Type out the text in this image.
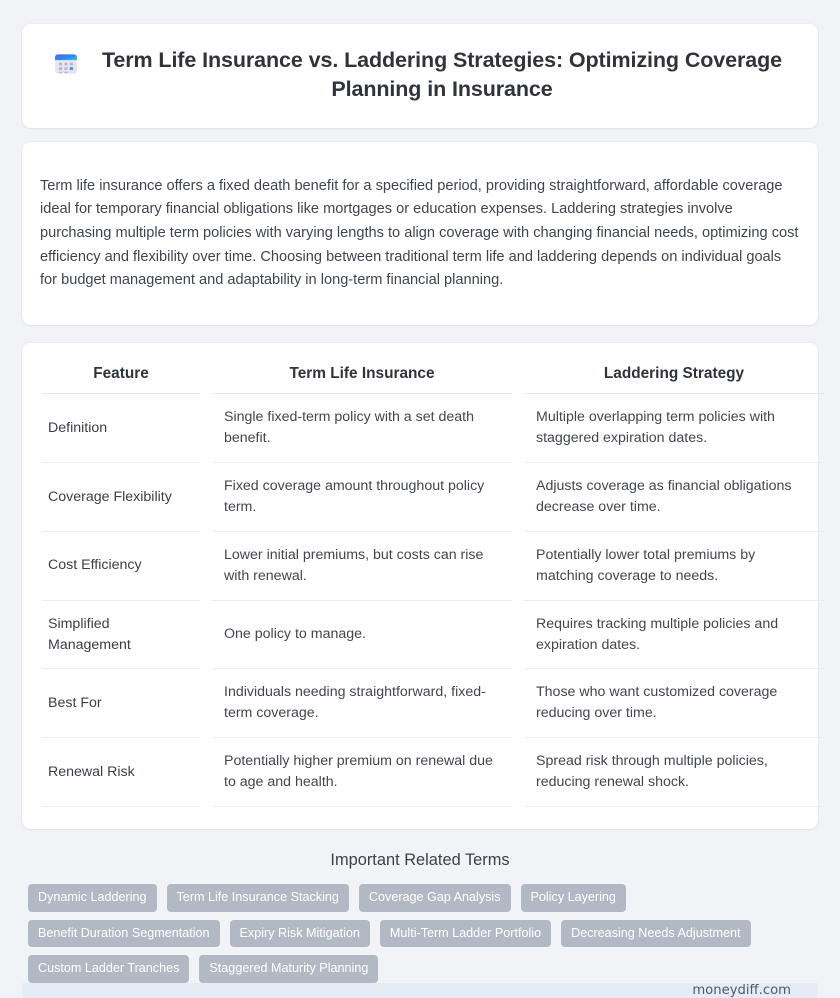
Term Life Insurance vs. Laddering Strategies: Optimizing Coverage Planning in Insurance

Term life insurance offers a fixed death benefit for a specified period, providing straightforward, affordable coverage ideal for temporary financial obligations like mortgages or education expenses. Laddering strategies involve purchasing multiple term policies with varying lengths to align coverage with changing financial needs, optimizing cost efficiency and flexibility over time. Choosing between traditional term life and laddering depends on individual goals for budget management and adaptability in long-term financial planning.

Feature		Term Life Insurance		Laddering Strategy
Definition		Single fixed-term policy with a set death benefit.		Multiple overlapping term policies with staggered expiration dates.
Coverage Flexibility		Fixed coverage amount throughout policy term.		Adjusts coverage as financial obligations decrease over time.
Cost Efficiency		Lower initial premiums, but costs can rise with renewal.		Potentially lower total premiums by matching coverage to needs.
Simplified Management		One policy to manage.		Requires tracking multiple policies and expiration dates.
Best For		Individuals needing straightforward, fixed-term coverage.		Those who want customized coverage reducing over time.
Renewal Risk		Potentially higher premium on renewal due to age and health.		Spread risk through multiple policies, reducing renewal shock.
Important Related Terms
Dynamic Laddering	Term Life Insurance Stacking	Coverage Gap Analysis	Policy Layering
Benefit Duration Segmentation	Expiry Risk Mitigation	Multi-Term Ladder Portfolio	Decreasing Needs Adjustment
Custom Ladder Tranches	Staggered Maturity Planning
moneydiff.com
